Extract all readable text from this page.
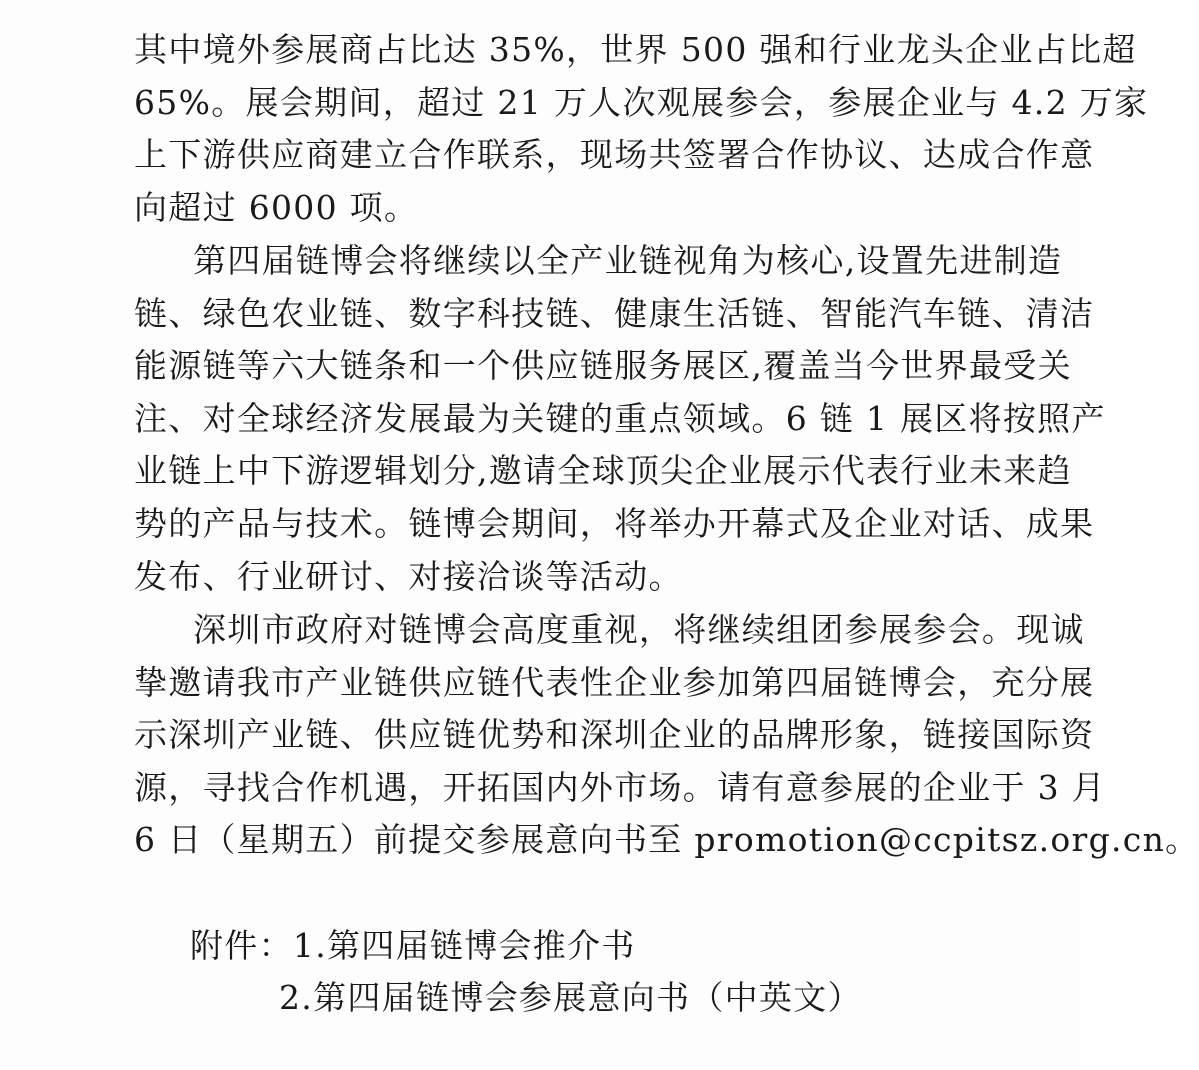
其中境外参展商占比达 35%，世界 500 强和行业龙头企业占比超
65%。展会期间，超过 21 万人次观展参会，参展企业与 4.2 万家
上下游供应商建立合作联系，现场共签署合作协议、达成合作意
向超过 6000 项。
第四届链博会将继续以全产业链视角为核心,设置先进制造
链、绿色农业链、数字科技链、健康生活链、智能汽车链、清洁
能源链等六大链条和一个供应链服务展区,覆盖当今世界最受关
注、对全球经济发展最为关键的重点领域。6 链 1 展区将按照产
业链上中下游逻辑划分,邀请全球顶尖企业展示代表行业未来趋
势的产品与技术。链博会期间，将举办开幕式及企业对话、成果
发布、行业研讨、对接洽谈等活动。
深圳市政府对链博会高度重视，将继续组团参展参会。现诚
挚邀请我市产业链供应链代表性企业参加第四届链博会，充分展
示深圳产业链、供应链优势和深圳企业的品牌形象，链接国际资
源，寻找合作机遇，开拓国内外市场。请有意参展的企业于 3 月
6 日（星期五）前提交参展意向书至 promotion@ccpitsz.org.cn。
附件：1.第四届链博会推介书
2.第四届链博会参展意向书（中英文）
